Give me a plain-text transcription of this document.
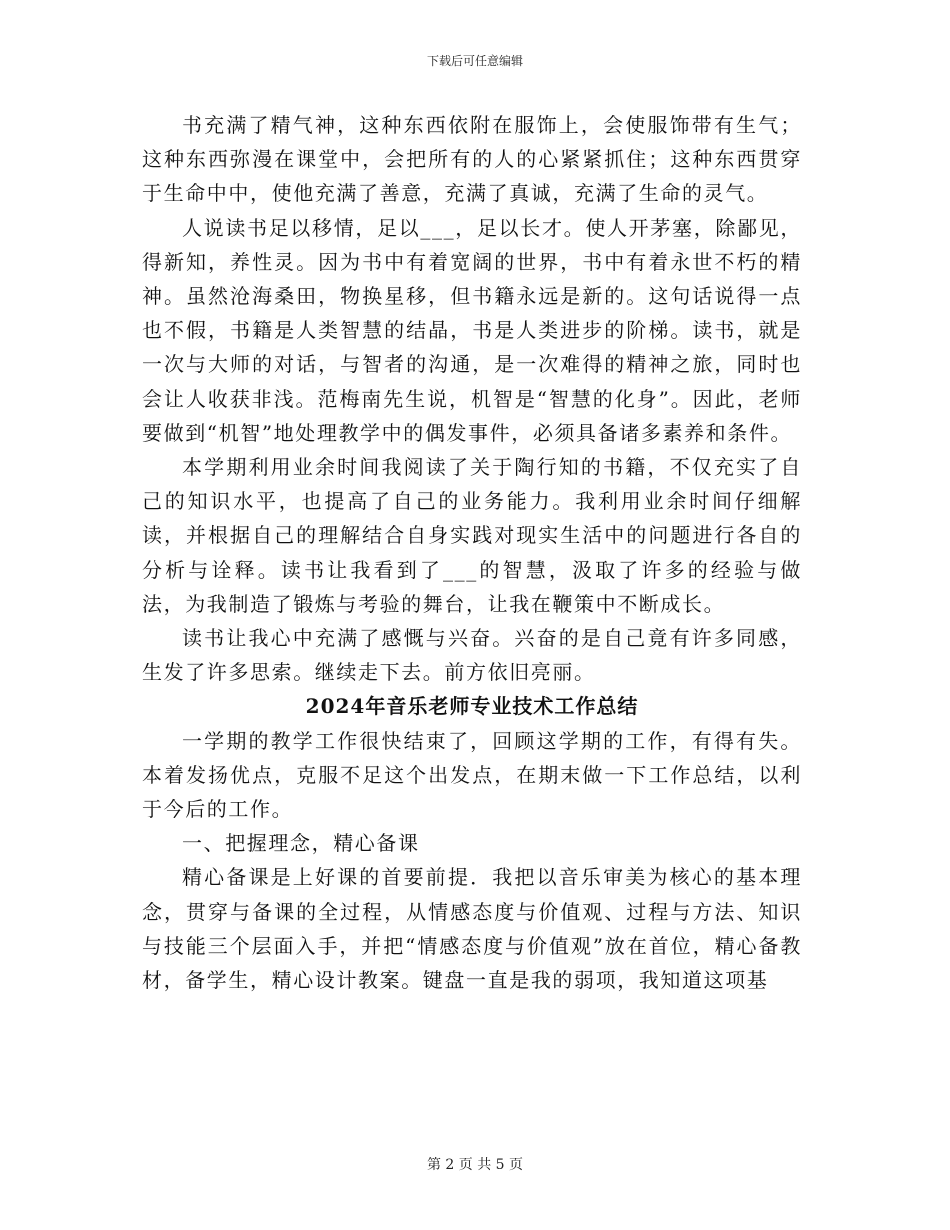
下载后可任意编辑

书充满了精气神，这种东西依附在服饰上，会使服饰带有生气；这种东西弥漫在课堂中，会把所有的人的心紧紧抓住；这种东西贯穿于生命中中，使他充满了善意，充满了真诚，充满了生命的灵气。

人说读书足以移情，足以___，足以长才。使人开茅塞，除鄙见，得新知，养性灵。因为书中有着宽阔的世界，书中有着永世不朽的精神。虽然沧海桑田，物换星移，但书籍永远是新的。这句话说得一点也不假，书籍是人类智慧的结晶，书是人类进步的阶梯。读书，就是一次与大师的对话，与智者的沟通，是一次难得的精神之旅，同时也会让人收获非浅。范梅南先生说，机智是“智慧的化身”。因此，老师要做到“机智”地处理教学中的偶发事件，必须具备诸多素养和条件。

本学期利用业余时间我阅读了关于陶行知的书籍，不仅充实了自己的知识水平，也提高了自己的业务能力。我利用业余时间仔细解读，并根据自己的理解结合自身实践对现实生活中的问题进行各自的分析与诠释。读书让我看到了___的智慧，汲取了许多的经验与做法，为我制造了锻炼与考验的舞台，让我在鞭策中不断成长。

读书让我心中充满了感慨与兴奋。兴奋的是自己竟有许多同感，生发了许多思索。继续走下去。前方依旧亮丽。

2024年音乐老师专业技术工作总结

一学期的教学工作很快结束了，回顾这学期的工作，有得有失。本着发扬优点，克服不足这个出发点，在期末做一下工作总结，以利于今后的工作。

一、把握理念，精心备课

精心备课是上好课的首要前提．我把以音乐审美为核心的基本理念，贯穿与备课的全过程，从情感态度与价值观、过程与方法、知识与技能三个层面入手，并把“情感态度与价值观”放在首位，精心备教材，备学生，精心设计教案。键盘一直是我的弱项，我知道这项基

第 2 页 共 5 页
